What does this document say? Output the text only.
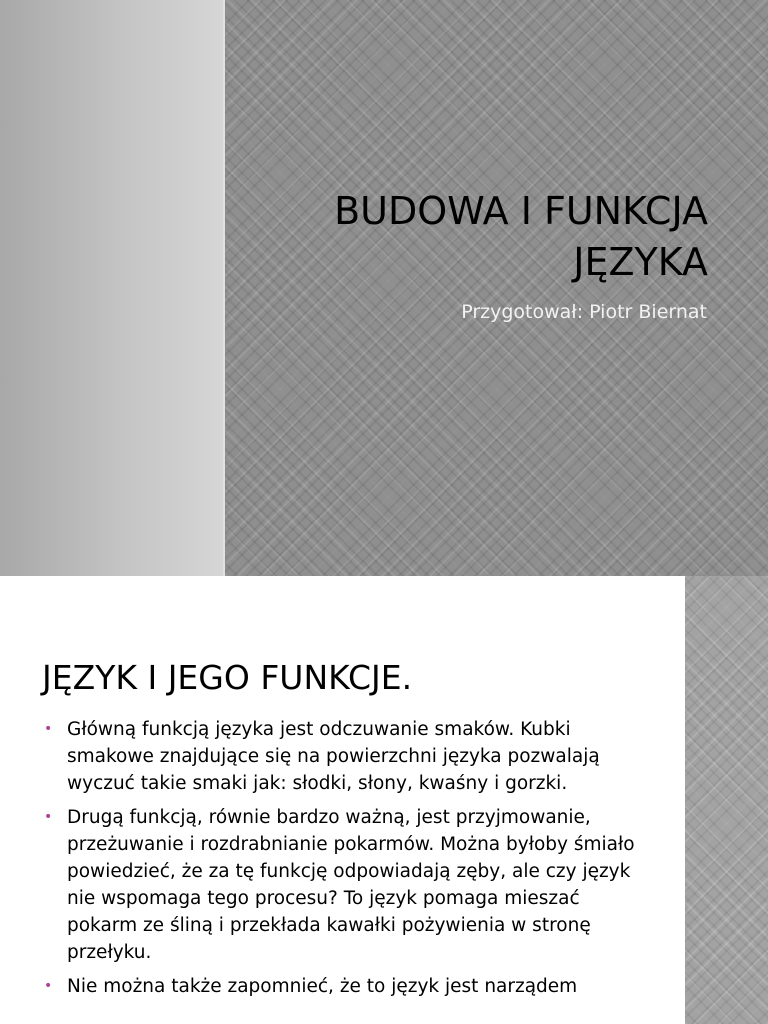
BUDOWA I FUNKCJA
JĘZYKA

Przygotował: Piotr Biernat

JĘZYK I JEGO FUNKCJE.
• Główną funkcją języka jest odczuwanie smaków. Kubki smakowe znajdujące się na powierzchni języka pozwalają wyczuć takie smaki jak: słodki, słony, kwaśny i gorzki.
• Drugą funkcją, równie bardzo ważną, jest przyjmowanie, przeżuwanie i rozdrabnianie pokarmów. Można byłoby śmiało powiedzieć, że za tę funkcję odpowiadają zęby, ale czy język nie wspomaga tego procesu? To język pomaga mieszać pokarm ze śliną i przekłada kawałki pożywienia w stronę przełyku.
• Nie można także zapomnieć, że to język jest narządem
